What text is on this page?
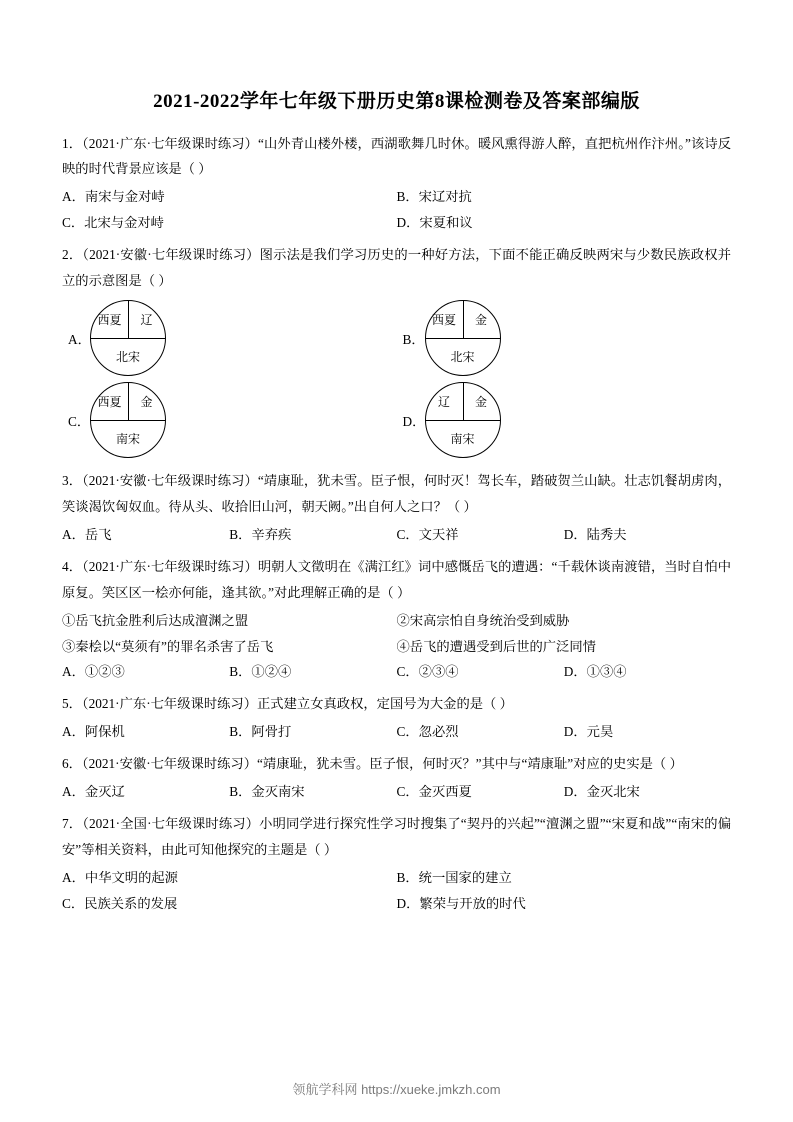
2021-2022学年七年级下册历史第8课检测卷及答案部编版
1．（2021·广东·七年级课时练习）“山外青山楼外楼，西湖歌舞几时休。暖风熏得游人醉，直把杭州作汴州。”该诗反映的时代背景应该是（ ）
A．南宋与金对峙	B．宋辽对抗
C．北宋与金对峙	D．宋夏和议
2．（2021·安徽·七年级课时练习）图示法是我们学习历史的一种好方法，下面不能正确反映两宋与少数民族政权并立的示意图是（ ）
A．
西夏	辽
北宋
B．
西夏	金
北宋
C．
西夏	金
南宋
D．
辽	金
南宋
3．（2021·安徽·七年级课时练习）“靖康耻，犹未雪。臣子恨，何时灭！驾长车，踏破贺兰山缺。壮志饥餐胡虏肉，笑谈渴饮匈奴血。待从头、收拾旧山河，朝天阙。”出自何人之口？（ ）
A．岳飞	B．辛弃疾	C．文天祥	D．陆秀夫
4．（2021·广东·七年级课时练习）明朝人文徵明在《满江红》词中感慨岳飞的遭遇：“千载休谈南渡错，当时自怕中原复。笑区区一桧亦何能，逢其欲。”对此理解正确的是（ ）
①岳飞抗金胜利后达成澶渊之盟	②宋高宗怕自身统治受到威胁
③秦桧以“莫须有”的罪名杀害了岳飞	④岳飞的遭遇受到后世的广泛同情
A．①②③	B．①②④	C．②③④	D．①③④
5．（2021·广东·七年级课时练习）正式建立女真政权，定国号为大金的是（ ）
A．阿保机	B．阿骨打	C．忽必烈	D．元昊
6．（2021·安徽·七年级课时练习）“靖康耻，犹未雪。臣子恨，何时灭？”其中与“靖康耻”对应的史实是（ ）
A．金灭辽	B．金灭南宋	C．金灭西夏	D．金灭北宋
7．（2021·全国·七年级课时练习）小明同学进行探究性学习时搜集了“契丹的兴起”“澶渊之盟”“宋夏和战”“南宋的偏安”等相关资料，由此可知他探究的主题是（ ）
A．中华文明的起源	B．统一国家的建立
C．民族关系的发展	D．繁荣与开放的时代
领航学科网 https://xueke.jmkzh.com
